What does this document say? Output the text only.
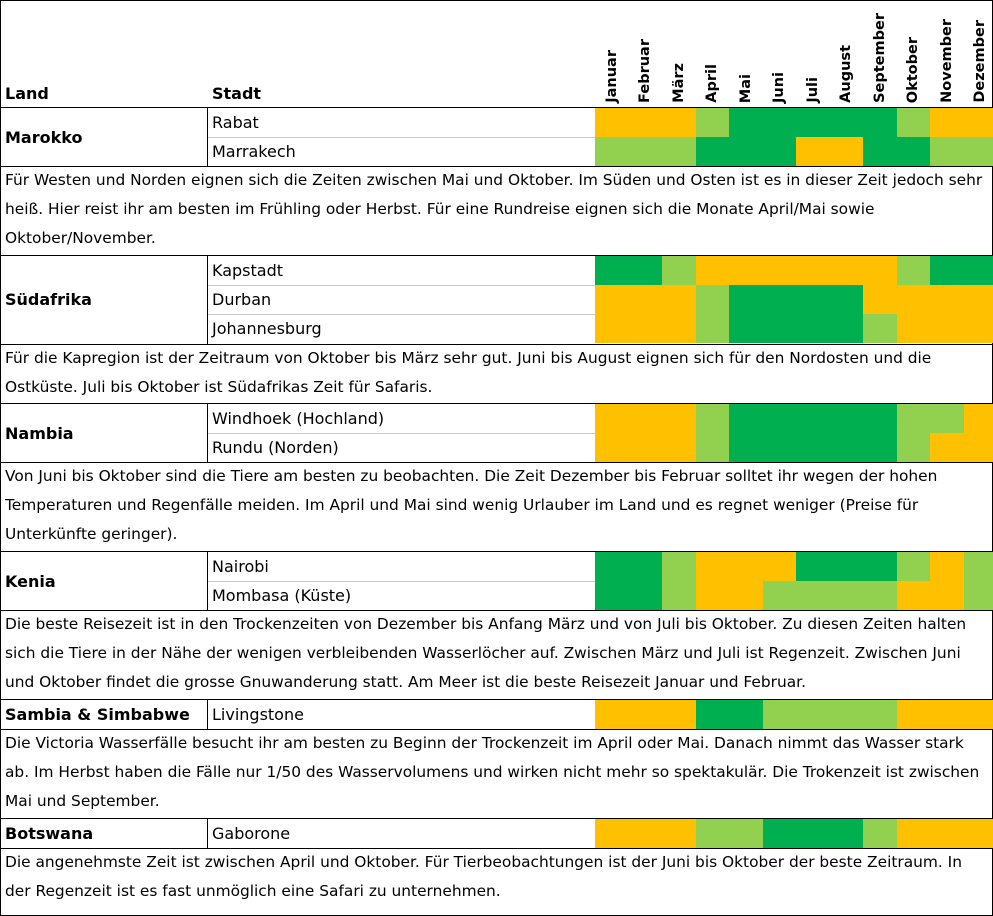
Land	Stadt	Januar Februar März April Mai Juni Juli August September Oktober November Dezember
Rabat
Marrakech
Marokko
Für Westen und Norden eignen sich die Zeiten zwischen Mai und Oktober. Im Süden und Osten ist es in dieser Zeit jedoch sehr heiß. Hier reist ihr am besten im Frühling oder Herbst. Für eine Rundreise eignen sich die Monate April/Mai sowie Oktober/November.
Kapstadt
Durban
Johannesburg
Südafrika
Für die Kapregion ist der Zeitraum von Oktober bis März sehr gut. Juni bis August eignen sich für den Nordosten und die Ostküste. Juli bis Oktober ist Südafrikas Zeit für Safaris.
Windhoek (Hochland)
Rundu (Norden)
Nambia
Von Juni bis Oktober sind die Tiere am besten zu beobachten. Die Zeit Dezember bis Februar solltet ihr wegen der hohen Temperaturen und Regenfälle meiden. Im April und Mai sind wenig Urlauber im Land und es regnet weniger (Preise für Unterkünfte geringer).
Nairobi
Mombasa (Küste)
Kenia
Die beste Reisezeit ist in den Trockenzeiten von Dezember bis Anfang März und von Juli bis Oktober. Zu diesen Zeiten halten sich die Tiere in der Nähe der wenigen verbleibenden Wasserlöcher auf. Zwischen März und Juli ist Regenzeit. Zwischen Juni und Oktober findet die grosse Gnuwanderung statt. Am Meer ist die beste Reisezeit Januar und Februar.
Livingstone
Sambia & Simbabwe
Die Victoria Wasserfälle besucht ihr am besten zu Beginn der Trockenzeit im April oder Mai. Danach nimmt das Wasser stark ab. Im Herbst haben die Fälle nur 1/50 des Wasservolumens und wirken nicht mehr so spektakulär. Die Trokenzeit ist zwischen Mai und September.
Gaborone
Botswana
Die angenehmste Zeit ist zwischen April und Oktober. Für Tierbeobachtungen ist der Juni bis Oktober der beste Zeitraum. In der Regenzeit ist es fast unmöglich eine Safari zu unternehmen.
